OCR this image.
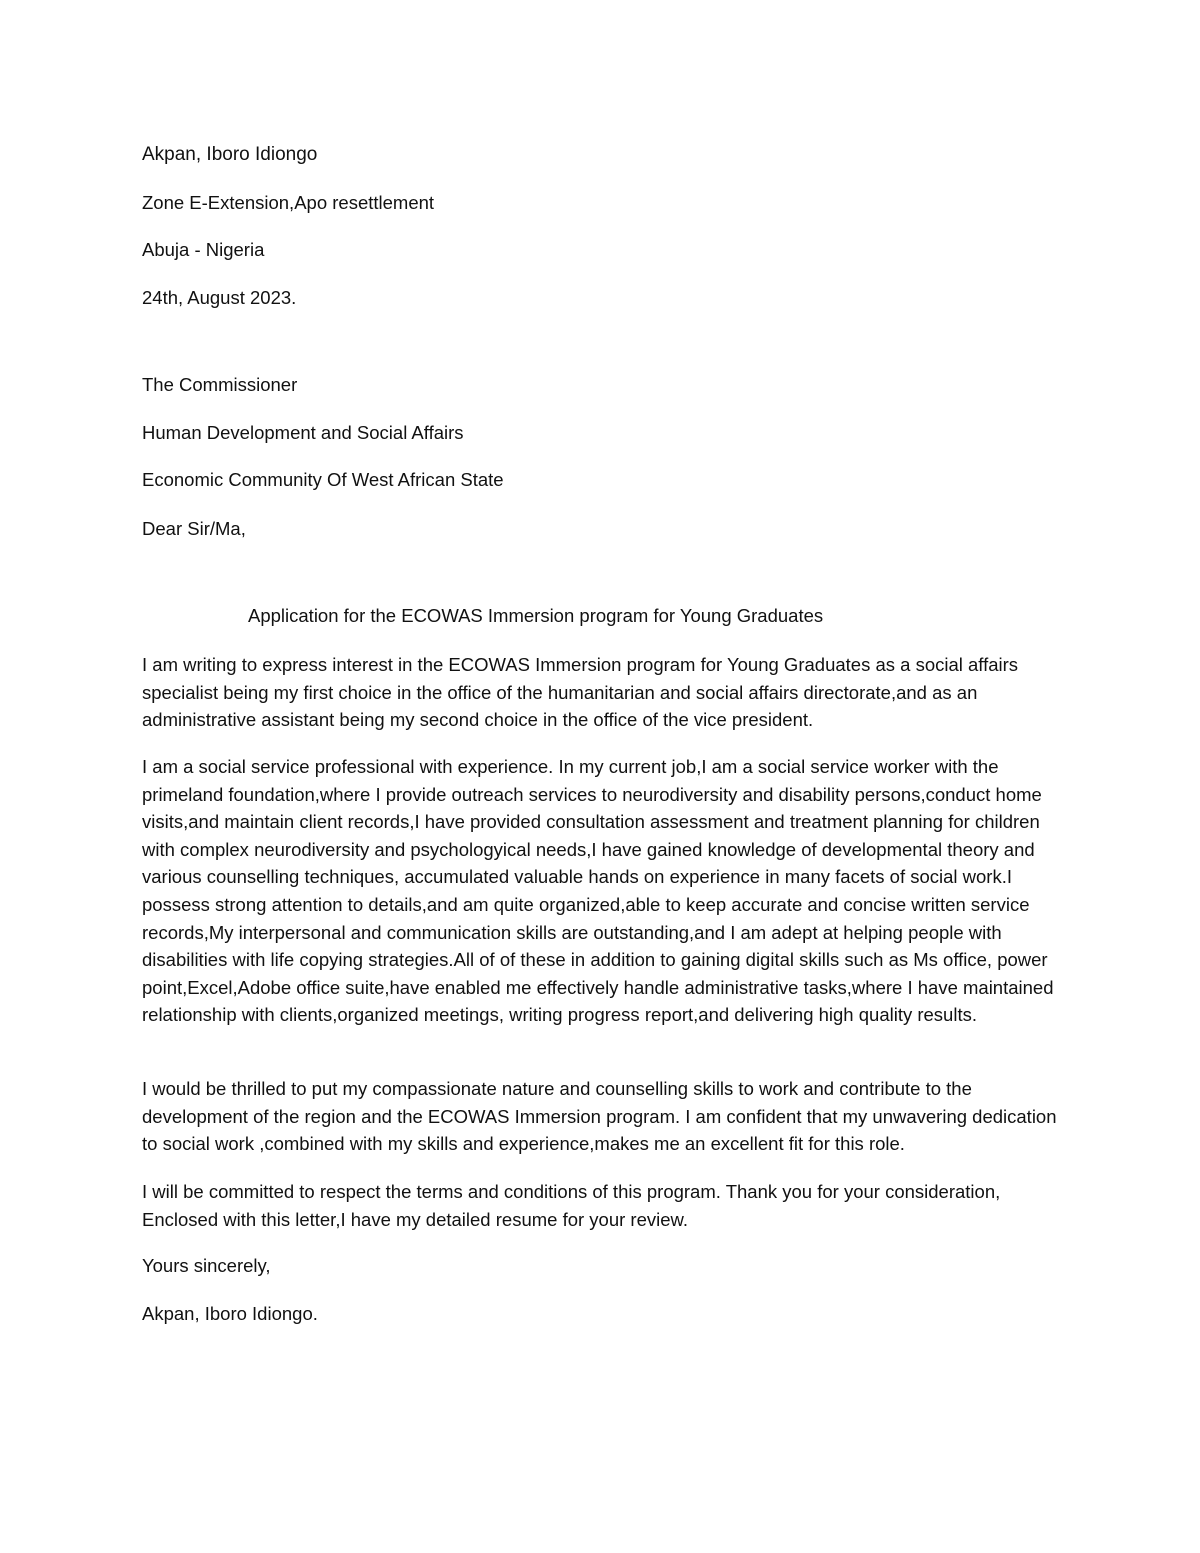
Akpan, Iboro Idiongo
Zone E-Extension,Apo resettlement
Abuja - Nigeria
24th, August 2023.
The Commissioner
Human Development and Social Affairs
Economic Community Of West African State
Dear Sir/Ma,
Application for the ECOWAS Immersion program for Young Graduates

I am writing to express interest in the ECOWAS Immersion program for Young Graduates as a social affairs specialist being my first choice in the office of the humanitarian and social affairs directorate,and as an administrative assistant being my second choice in the office of the vice president.

I am a social service professional with experience. In my current job,I am a social service worker with the primeland foundation,where I provide outreach services to neurodiversity and disability persons,conduct home visits,and maintain client records,I have provided consultation assessment and treatment planning for children with complex neurodiversity and psychologyical needs,I have gained knowledge of developmental theory and various counselling techniques, accumulated valuable hands on experience in many facets of social work.I possess strong attention to details,and am quite organized,able to keep accurate and concise written service records,My interpersonal and communication skills are outstanding,and I am adept at helping people with disabilities with life copying strategies.All of of these in addition to gaining digital skills such as Ms office, power point,Excel,Adobe office suite,have enabled me effectively handle administrative tasks,where I have maintained relationship with clients,organized meetings, writing progress report,and delivering high quality results.

I would be thrilled to put my compassionate nature and counselling skills to work and contribute to the development of the region and the ECOWAS Immersion program. I am confident that my unwavering dedication to social work ,combined with my skills and experience,makes me an excellent fit for this role.

I will be committed to respect the terms and conditions of this program. Thank you for your consideration, Enclosed with this letter,I have my detailed resume for your review.

Yours sincerely,
Akpan, Iboro Idiongo.
